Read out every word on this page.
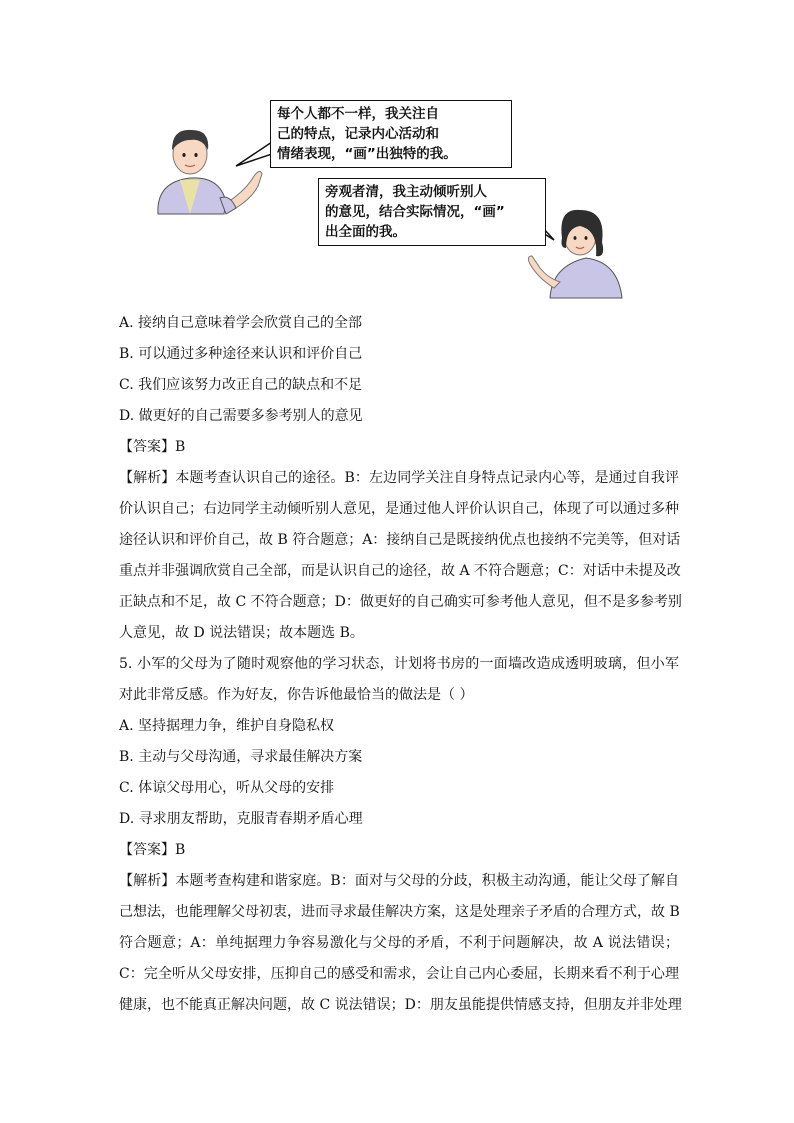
每个人都不一样，我关注自
己的特点，记录内心活动和
情绪表现，“画”出独特的我。
旁观者清，我主动倾听别人
的意见，结合实际情况，“画”
出全面的我。
A. 接纳自己意味着学会欣赏自己的全部
B. 可以通过多种途径来认识和评价自己
C. 我们应该努力改正自己的缺点和不足
D. 做更好的自己需要多参考别人的意见
【答案】B
【解析】本题考查认识自己的途径。B：左边同学关注自身特点记录内心等，是通过自我评
价认识自己；右边同学主动倾听别人意见，是通过他人评价认识自己，体现了可以通过多种
途径认识和评价自己，故 B 符合题意；A：接纳自己是既接纳优点也接纳不完美等，但对话
重点并非强调欣赏自己全部，而是认识自己的途径，故 A 不符合题意；C：对话中未提及改
正缺点和不足，故 C 不符合题意；D：做更好的自己确实可参考他人意见，但不是多参考别
人意见，故 D 说法错误；故本题选 B。
5. 小军的父母为了随时观察他的学习状态，计划将书房的一面墙改造成透明玻璃，但小军
对此非常反感。作为好友，你告诉他最恰当的做法是（ ）
A. 坚持据理力争，维护自身隐私权
B. 主动与父母沟通，寻求最佳解决方案
C. 体谅父母用心，听从父母的安排
D. 寻求朋友帮助，克服青春期矛盾心理
【答案】B
【解析】本题考查构建和谐家庭。B：面对与父母的分歧，积极主动沟通，能让父母了解自
己想法，也能理解父母初衷，进而寻求最佳解决方案，这是处理亲子矛盾的合理方式，故 B
符合题意；A：单纯据理力争容易激化与父母的矛盾，不利于问题解决，故 A 说法错误；
C：完全听从父母安排，压抑自己的感受和需求，会让自己内心委屈，长期来看不利于心理
健康，也不能真正解决问题，故 C 说法错误；D：朋友虽能提供情感支持，但朋友并非处理
